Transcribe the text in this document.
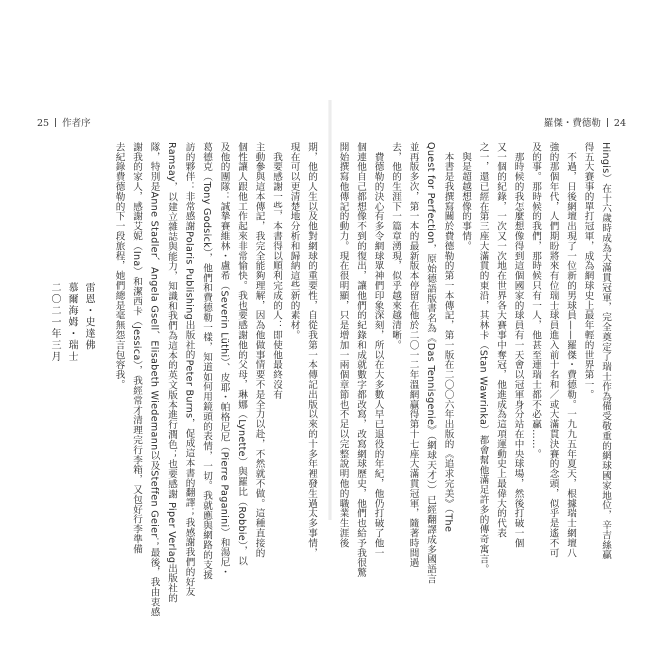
25 作者序
期，他的人生以及他對網球的重要性，自從我第一本傳記出版以來的十多年裡發生過太多事情，
現在可以更清楚地分析和歸納這些新的素材。
　我要感謝一些，本書得以順利完成的人：即使他最終沒有
主動參與這本傳記，我完全能夠理解，因為他做事情要不是全力以赴，不然就不做。這種直接的
個性讓人跟他工作起來非常愉快。我也要感謝他的父母，琳娜（Lynette）與羅比（Robbie），以
及他的團隊：誠摯賽維林・盧希（Severin Lüthi）、皮耶・帕格尼尼（Pierre Paganini）和湯尼・
葛德克（Tony Godsick），他們和費德勒一樣，知道如何用鏡頭的表情，一切。我就應與網路的支援
訪的夥伴：非常感謝Polaris Publishing出版社的Peter Burns，促成這本書的翻譯；我感謝我們的好友
Ramsay，以建立雜誌與能力，知識和我們為這本的英文版本進行潤色；也要感謝 Piper Verlag出版社的
隊，特別是Anne Stadler、Angela Gsell、Elisabeth Wiedemann以及Steffen Geier；最後，我由衷感
謝我的家人，感謝艾妮（Ina）和潔西卡（Jessica），我經常才清理完行李箱，又包好行李準備
去紀錄費德勒的下一段旅程，她們總是毫無怨言包容我。
雷恩・史達佛
慕爾海姆・瑞士
二〇二一年三月
羅傑・費德勒 24
Hingis）在十六歲時成為大滿貫冠軍，完全奠定了瑞士作為備受敬重的網球國家地位，辛吉絲贏
得五大賽事的單打冠軍，成為網球史上最年輕的世界第一。
　不過，日後網壇出現了一位新的男球員——羅傑・費德勒。一九九五年夏天，根據瑞士網壇八
強的那個年代，人們期盼將來有位瑞士球員進入前十名和／或大滿貫決賽的念頭，似乎是遙不可
及的事。那時候的我們，那時候只有一人，他甚至連瑞士都不必贏……。
　那時候的我怎麼想像得到這個國家的球員有一天會以冠軍身分站在中央球場，然後打破一個
又一個的紀錄，一次又一次地在世界各大賽事中奪冠，他進成為這項運動史上最偉大的代表
之一，還已經在第三座大滿貫的東沿，其林卡（Stan Wawrinka）都會幫他滿足許多的傳奇寓言。
　與是超越想像的事情。
　本書是我撰寫關於費德勒的第一本傳記，第一版在二〇〇六年出版的《追求完美》（The
Quest for Perfection，原始德語版書名為《Das Tennisgenie》（網球天才））已經翻譯成多國語言
並再版多次，第一本的最新版本停留在他於二〇一二年溫網贏得第十七座大滿貫冠軍，隨著時間過
去，他的生涯下一篇章湧現，似乎越來越清晰。
　費德勒的決心有多令網球眾神們印象深刻，所以在大多數人早已退役的年紀，他仍打破了他一
個連他自己都想像不到的復出，讓他們的紀錄和成就數字都改寫，改寫網球歷史，他們也給予我很驚
開始撰寫他傳記的動力。現在很明顯，只是增加一兩個章節也不足以完整說明他的職業生涯後
